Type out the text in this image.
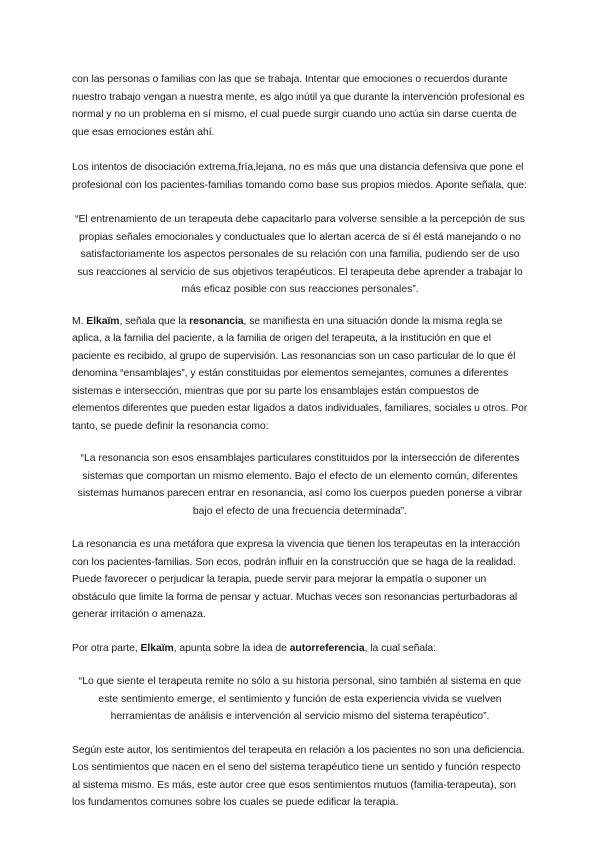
con las personas o familias con las que se trabaja. Intentar que emociones o recuerdos durante nuestro trabajo vengan a nuestra mente, es algo inútil ya que durante la intervención profesional es normal y no un problema en sí mismo, el cual puede surgir cuando uno actúa sin darse cuenta de que esas emociones están ahí.

Los intentos de disociación extrema,fría,lejana, no es más que una distancia defensiva que pone el profesional con los pacientes-familias tomando como base sus propios miedos. Aponte señala, que:

“El entrenamiento de un terapeuta debe capacitarlo para volverse sensible a la percepción de sus propias señales emocionales y conductuales que lo alertan acerca de si él está manejando o no satisfactoriamente los aspectos personales de su relación con una familia, pudiendo ser de uso sus reacciones al servicio de sus objetivos terapéuticos. El terapeuta debe aprender a trabajar lo más eficaz posible con sus reacciones personales”.

M. Elkaïm, señala que la resonancia, se manifiesta en una situación donde la misma regla se aplica, a la familia del paciente, a la familia de origen del terapeuta, a la institución en que el paciente es recibido, al grupo de supervisión. Las resonancias son un caso particular de lo que él denomina “ensamblajes”, y están constituidas por elementos semejantes, comunes a diferentes sistemas e intersección, mientras que por su parte los ensamblajes están compuestos de elementos diferentes que pueden estar ligados a datos individuales, familiares, sociales u otros. Por tanto, se puede definir la resonancia como:

“La resonancia son esos ensamblajes particulares constituidos por la intersección de diferentes sistemas que comportan un mismo elemento. Bajo el efecto de un elemento común, diferentes sistemas humanos parecen entrar en resonancia, así como los cuerpos pueden ponerse a vibrar bajo el efecto de una frecuencia determinada”.

La resonancia es una metáfora que expresa la vivencia que tienen los terapeutas en la interacción con los pacientes-familias. Son ecos, podrán influir en la construcción que se haga de la realidad. Puede favorecer o perjudicar la terapia, puede servir para mejorar la empatía o suponer un obstáculo que limite la forma de pensar y actuar. Muchas veces son resonancias perturbadoras al generar irritación o amenaza.

Por otra parte, Elkaïm, apunta sobre la idea de autorreferencia, la cual señala:

“Lo que siente el terapeuta remite no sólo a su historia personal, sino también al sistema en que este sentimiento emerge, el sentimiento y función de esta experiencia vivida se vuelven herramientas de análisis e intervención al servicio mismo del sistema terapéutico”.

Según este autor, los sentimientos del terapeuta en relación a los pacientes no son una deficiencia. Los sentimientos que nacen en el seno del sistema terapéutico tiene un sentido y función respecto al sistema mismo. Es más, este autor cree que esos sentimientos mutuos (familia-terapeuta), son los fundamentos comunes sobre los cuales se puede edificar la terapia.
